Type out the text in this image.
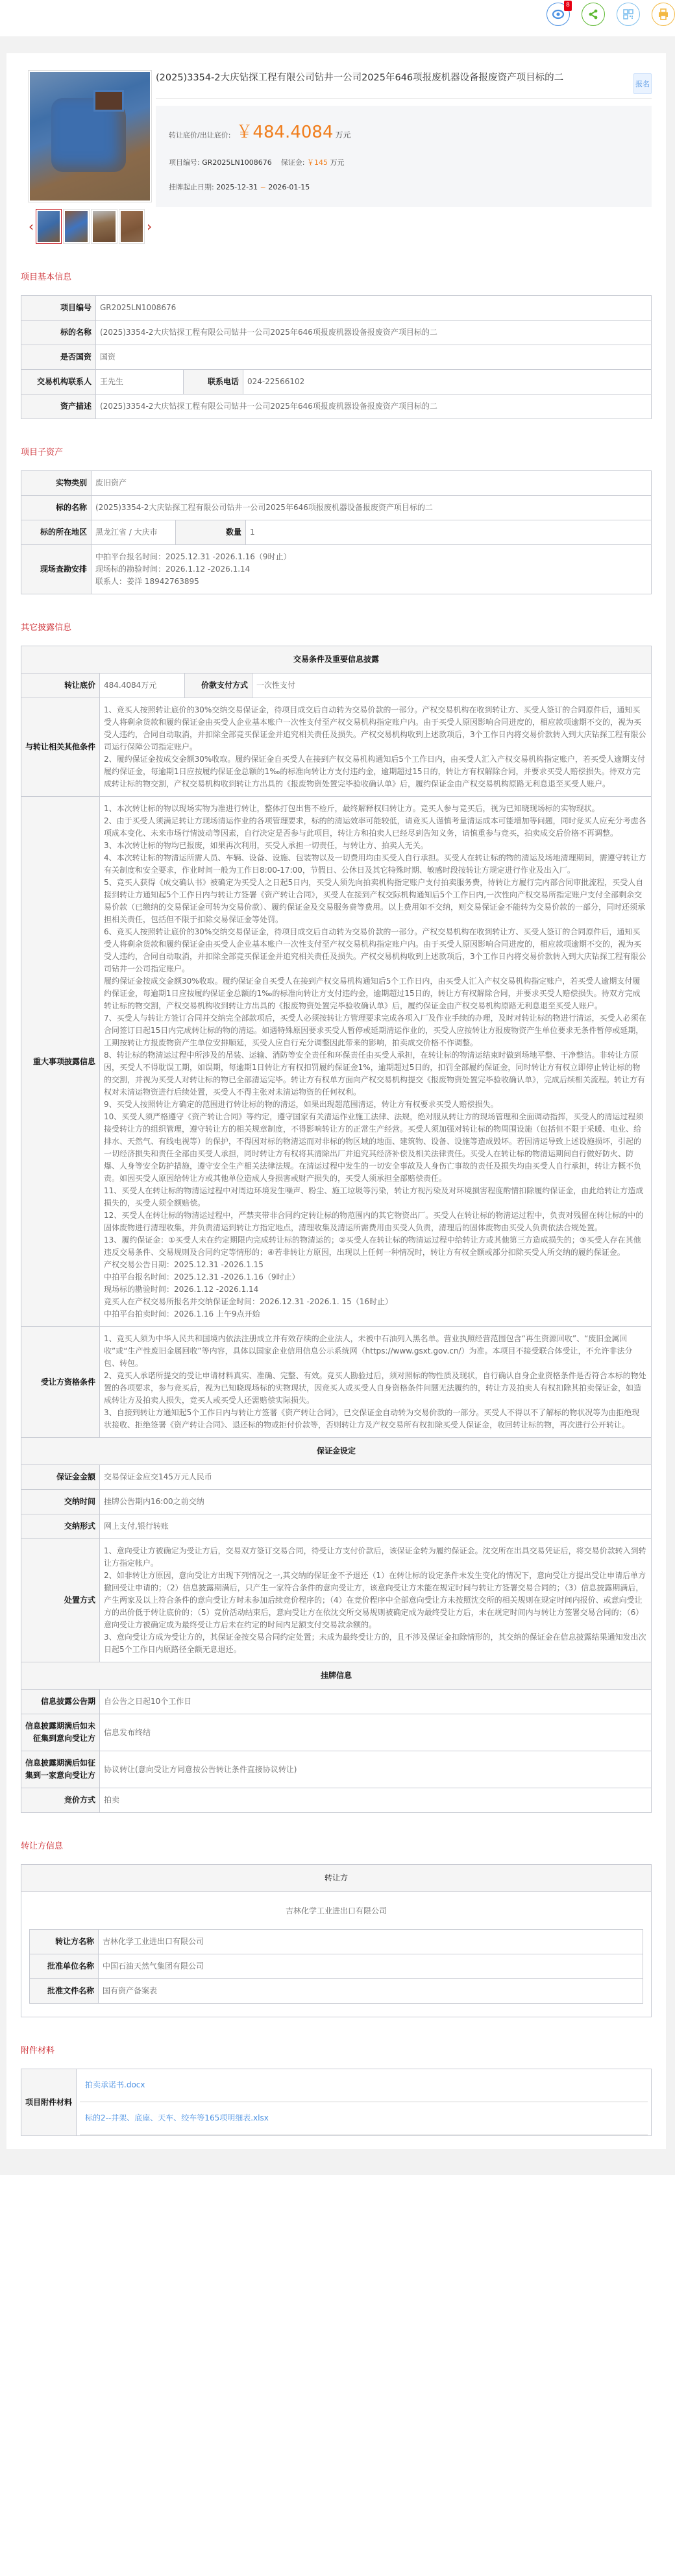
8
‹	›
(2025)3354-2大庆钻探工程有限公司钻井一公司2025年646项报废机器设备报废资产项目标的二
报名
转让底价/出让底价: ￥484.4084 万元
项目编号: GR2025LN1008676 保证金: ￥145 万元
挂牌起止日期: 2025-12-31 ~ 2026-01-15
项目基本信息
项目编号	GR2025LN1008676		
标的名称	(2025)3354-2大庆钻探工程有限公司钻井一公司2025年646项报废机器设备报废资产项目标的二		
是否国资	国资		
交易机构联系人	王先生	联系电话	024-22566102
资产描述	(2025)3354-2大庆钻探工程有限公司钻井一公司2025年646项报废机器设备报废资产项目标的二		
项目子资产
实物类别	废旧资产		
标的名称	(2025)3354-2大庆钻探工程有限公司钻井一公司2025年646项报废机器设备报废资产项目标的二		
标的所在地区	黑龙江省 / 大庆市	数量	1
现场查勘安排	中拍平台报名时间：2025.12.31 -2026.1.16（9时止）

现场标的勘验时间：2026.1.12 -2026.1.14

联系人：姜洋 18942763895		

其它披露信息
交易条件及重要信息披露			
转让底价	484.4084万元	价款支付方式	一次性支付
与转让相关其他条件	1、竞买人按照转让底价的30%交纳交易保证金，待项目成交后自动转为交易价款的一部分。产权交易机构在收到转让方、买受人签订的合同原件后，通知买受人将剩余货款和履约保证金由买受人企业基本账户一次性支付至产权交易机构指定账户内。由于买受人原因影响合同进度的，相应款项逾期不交的，视为买受人违约，合同自动取消，并扣除全部竞买保证金并追究相关责任及损失。产权交易机构收到上述款项后，3个工作日内将交易价款转入到大庆钻探工程有限公司运行保障公司指定账户。

2、履约保证金按成交金额30%收取。履约保证金自买受人在接到产权交易机构通知后5个工作日内，由买受人汇入产权交易机构指定账户，若买受人逾期支付履约保证金，每逾期1日应按履约保证金总额的1‰的标准向转让方支付违约金，逾期超过15日的，转让方有权解除合同，并要求买受人赔偿损失。待双方完成转让标的物交割，产权交易机构收到转让方出具的《报废物资处置完毕验收确认单》后，履约保证金由产权交易机构原路无利息退至买受人账户。		

重大事项披露信息	

1、本次转让标的物以现场实物为准进行转让，整体打包出售不检斤，最终解释权归转让方。竞买人参与竞买后，视为已知晓现场标的实物现状。

2、由于买受人须满足转让方现场清运作业的各项管理要求，标的的清运效率可能较低，请竞买人谨慎考量清运成本可能增加等问题，同时竞买人应充分考虑各项成本变化、未来市场行情波动等因素，自行决定是否参与此项目，转让方和拍卖人已经尽到告知义务，请慎重参与竞买，拍卖成交后价格不再调整。

3、本次转让标的物均已报废，如果再次利用，买受人承担一切责任，与转让方、拍卖人无关。

4、本次转让标的物清运所需人员、车辆、设备、设施、包装物以及一切费用均由买受人自行承担。买受人在转让标的物的清运及场地清理期间，需遵守转让方有关制度和安全要求，作业时间一般为工作日8:00-17:00，节假日、公休日及其它特殊时期、敏感时段按转让方规定进行作业及出入厂。

5、竞买人获得《成交确认书》被确定为买受人之日起5日内，买受人须先向拍卖机构指定账户支付拍卖服务费，待转让方履行完内部合同审批流程，买受人自接到转让方通知起5个工作日内与转让方签署《资产转让合同》，买受人在接到产权交际机构通知后5个工作日内,一次性向产权交易所指定账户支付全部剩余交易价款（已缴纳的交易保证金可转为交易价款）、履约保证金及交易服务费等费用。以上费用如不交纳，则交易保证金不能转为交易价款的一部分，同时还须承担相关责任，包括但不限于扣除交易保证金等处罚。

6、竞买人按照转让底价的30%交纳交易保证金，待项目成交后自动转为交易价款的一部分。产权交易机构在收到转让方、买受人签订的合同原件后，通知买受人将剩余货款和履约保证金由买受人企业基本账户一次性支付至产权交易机构指定账户内。由于买受人原因影响合同进度的，相应款项逾期不交的，视为买受人违约，合同自动取消，并扣除全部竞买保证金并追究相关责任及损失。产权交易机构收到上述款项后，3个工作日内将交易价款转入到大庆钻探工程有限公司钻井一公司指定账户。

履约保证金按成交金额30%收取。履约保证金自买受人在接到产权交易机构通知后5个工作日内，由买受人汇入产权交易机构指定账户，若买受人逾期支付履约保证金，每逾期1日应按履约保证金总额的1‰的标准向转让方支付违约金，逾期超过15日的，转让方有权解除合同，并要求买受人赔偿损失。待双方完成转让标的物交割，产权交易机构收到转让方出具的《报废物资处置完毕验收确认单》后，履约保证金由产权交易机构原路无利息退至买受人账户。

7、买受人与转让方签订合同并交纳完全部款项后，买受人必须按转让方管理要求完成各项入厂及作业手续的办理，及时对转让标的物进行清运，买受人必须在合同签订日起15日内完成转让标的物的清运。如遇特殊原因要求买受人暂停或延期清运作业的，买受人应按转让方报废物资产生单位要求无条件暂停或延期，工期按转让方报废物资产生单位安排顺延，买受人应自行充分调整因此带来的影响，拍卖成交价格不作调整。

8、转让标的物清运过程中所涉及的吊装、运输、消防等安全责任和环保责任由买受人承担，在转让标的物清运结束时做到场地平整、干净整洁。非转让方原因，买受人不得耽误工期，如误期，每逾期1日转让方有权扣罚履约保证金1%，逾期超过5日的，扣罚全部履约保证金，同时转让方有权立即停止转让标的物的交割，并视为买受人对转让标的物已全部清运完毕。转让方有权单方面向产权交易机构提交《报废物资处置完毕验收确认单》，完成后续相关流程。转让方有权对未清运物资进行后续处置，买受人不得主张对未清运物资的任何权利。

9、买受人按照转让方确定的范围进行转让标的物的清运，如果出现超范围清运，转让方有权要求买受人赔偿损失。

10、买受人须严格遵守《资产转让合同》等约定，遵守国家有关清运作业施工法律、法规，绝对服从转让方的现场管理和全面调动指挥，买受人的清运过程须接受转让方的组织管理，遵守转让方的相关规章制度，不得影响转让方的正常生产经营。买受人须加强对转让标的物周围设施（包括但不限于采暖、电业、给排水、天然气、有线电视等）的保护，不得因对标的物清运而对非标的物区域的地面、建筑物、设备、设施等造成毁坏。若因清运导致上述设施损坏，引起的一切经济损失和责任全部由买受人承担，同时转让方有权将其清除出厂并追究其经济补偿及相关法律责任。买受人在转让标的物清运期间自行做好防火、防爆、人身等安全防护措施，遵守安全生产相关法律法规。在清运过程中发生的一切安全事故及人身伤亡事故的责任及损失均由买受人自行承担，转让方概不负责。如因买受人原因给转让方或其他单位造成人身损害或财产损失的，买受人须承担全部赔偿责任。

11、买受人在转让标的物清运过程中对周边环境发生噪声、粉尘、施工垃圾等污染，转让方视污染及对环境损害程度酌情扣除履约保证金，由此给转让方造成损失的，买受人须全额赔偿。

12、买受人在转让标的物清运过程中，严禁夹带非合同约定转让标的物范围内的其它物资出厂。买受人在转让标的物清运过程中，负责对残留在转让标的中的固体废物进行清理收集，并负责清运到转让方指定地点，清理收集及清运所需费用由买受人负责，清理后的固体废物由买受人负责依法合规处置。

13、履约保证金：①买受人未在约定期限内完成转让标的物清运的；②买受人在转让标的物清运过程中给转让方或其他第三方造成损失的；③买受人存在其他违反交易条件、交易规则及合同约定等情形的；④若非转让方原因，出现以上任何一种情况时，转让方有权全额或部分扣除买受人所交纳的履约保证金。

产权交易公告日期：2025.12.31 -2026.1.15

中拍平台报名时间：2025.12.31 -2026.1.16（9时止）

现场标的勘验时间：2026.1.12 -2026.1.14

竞买人在产权交易所报名并交纳保证金时间：2026.12.31 -2026.1. 15（16时止）

中拍平台拍卖时间：2026.1.16 上午9点开始

受让方资格条件	1、竞买人须为中华人民共和国境内依法注册成立并有效存续的企业法人，未被中石油列入黑名单。营业执照经营范围包含“再生资源回收”、“废旧金属回收”或“生产性废旧金属回收”等内容，具体以国家企业信用信息公示系统网（https://www.gsxt.gov.cn/）为准。本项目不接受联合体受让，不允许非法分包、转包。

2、竞买人承诺所提交的受让申请材料真实、准确、完整、有效。竞买人勘验过后，须对照标的物性质及现状，自行确认自身企业资格条件是否符合本标的物处置的各项要求，参与竞买后，视为已知晓现场标的实物现状，因竞买人或买受人自身资格条件问题无法履约的，转让方及拍卖人有权扣除其拍卖保证金，如造成转让方及拍卖人损失，竞买人或买受人还需赔偿实际损失。

3、自接到转让方通知起5个工作日内与转让方签署《资产转让合同》，已交保证金自动转为交易价款的一部分。买受人不得以不了解标的物状况等为由拒绝现状接收、拒绝签署《资产转让合同》、退还标的物或拒付价款等，否则转让方及产权交易所有权扣除买受人保证金，收回转让标的物，再次进行公开转让。		

保证金设定			
保证金金额	交易保证金应交145万元人民币		
交纳时间	挂牌公告期内16:00之前交纳		
交纳形式	网上支付,银行转账		
处置方式	1、意向受让方被确定为受让方后，交易双方签订交易合同，待受让方支付价款后，该保证金转为履约保证金。沈交所在出具交易凭证后，将交易价款转入到转让方指定帐户。

2、如非转让方原因，意向受让方出现下列情况之一,其交纳的保证金不予退还（1）在转让标的设定条件未发生变化的情况下，意向受让方提出受让申请后单方撤回受让申请的；（2）信息披露期满后，只产生一家符合条件的意向受让方，该意向受让方未能在规定时间与转让方签署交易合同的；（3）信息披露期满后，产生两家及以上符合条件的意向受让方时未参加后续竞价程序的；（4）在竞价程序中全部意向受让方未按照沈交所的相关规则在规定时间内报价、或意向受让方的出价低于转让底价的；（5）竞价活动结束后，意向受让方在依沈交所交易规则被确定成为最终受让方后，未在规定时间内与转让方签署交易合同的；（6）意向受让方被确定成为最终受让方后未在约定的时间内足额支付交易款余额的。

3、意向受让方成为受让方的，其保证金按交易合同约定处置；未成为最终受让方的，且不涉及保证金扣除情形的，其交纳的保证金在信息披露结果通知发出次日起5个工作日内原路径全额无息退还。		

挂牌信息			
信息披露公告期	自公告之日起10个工作日		
信息披露期满后如未征集到意向受让方	信息发布终结		
信息披露期满后如征集到一家意向受让方	协议转让(意向受让方同意按公告转让条件直接协议转让)		
竞价方式	拍卖		
转让方信息
转让方

吉林化学工业进出口有限公司
转让方名称	吉林化学工业进出口有限公司
批准单位名称	中国石油天然气集团有限公司
批准文件名称	国有资产备案表
附件材料
项目附件材料	
拍卖承诺书.docx
标的2--井架、底座、天车、绞车等165项明细表.xlsx
